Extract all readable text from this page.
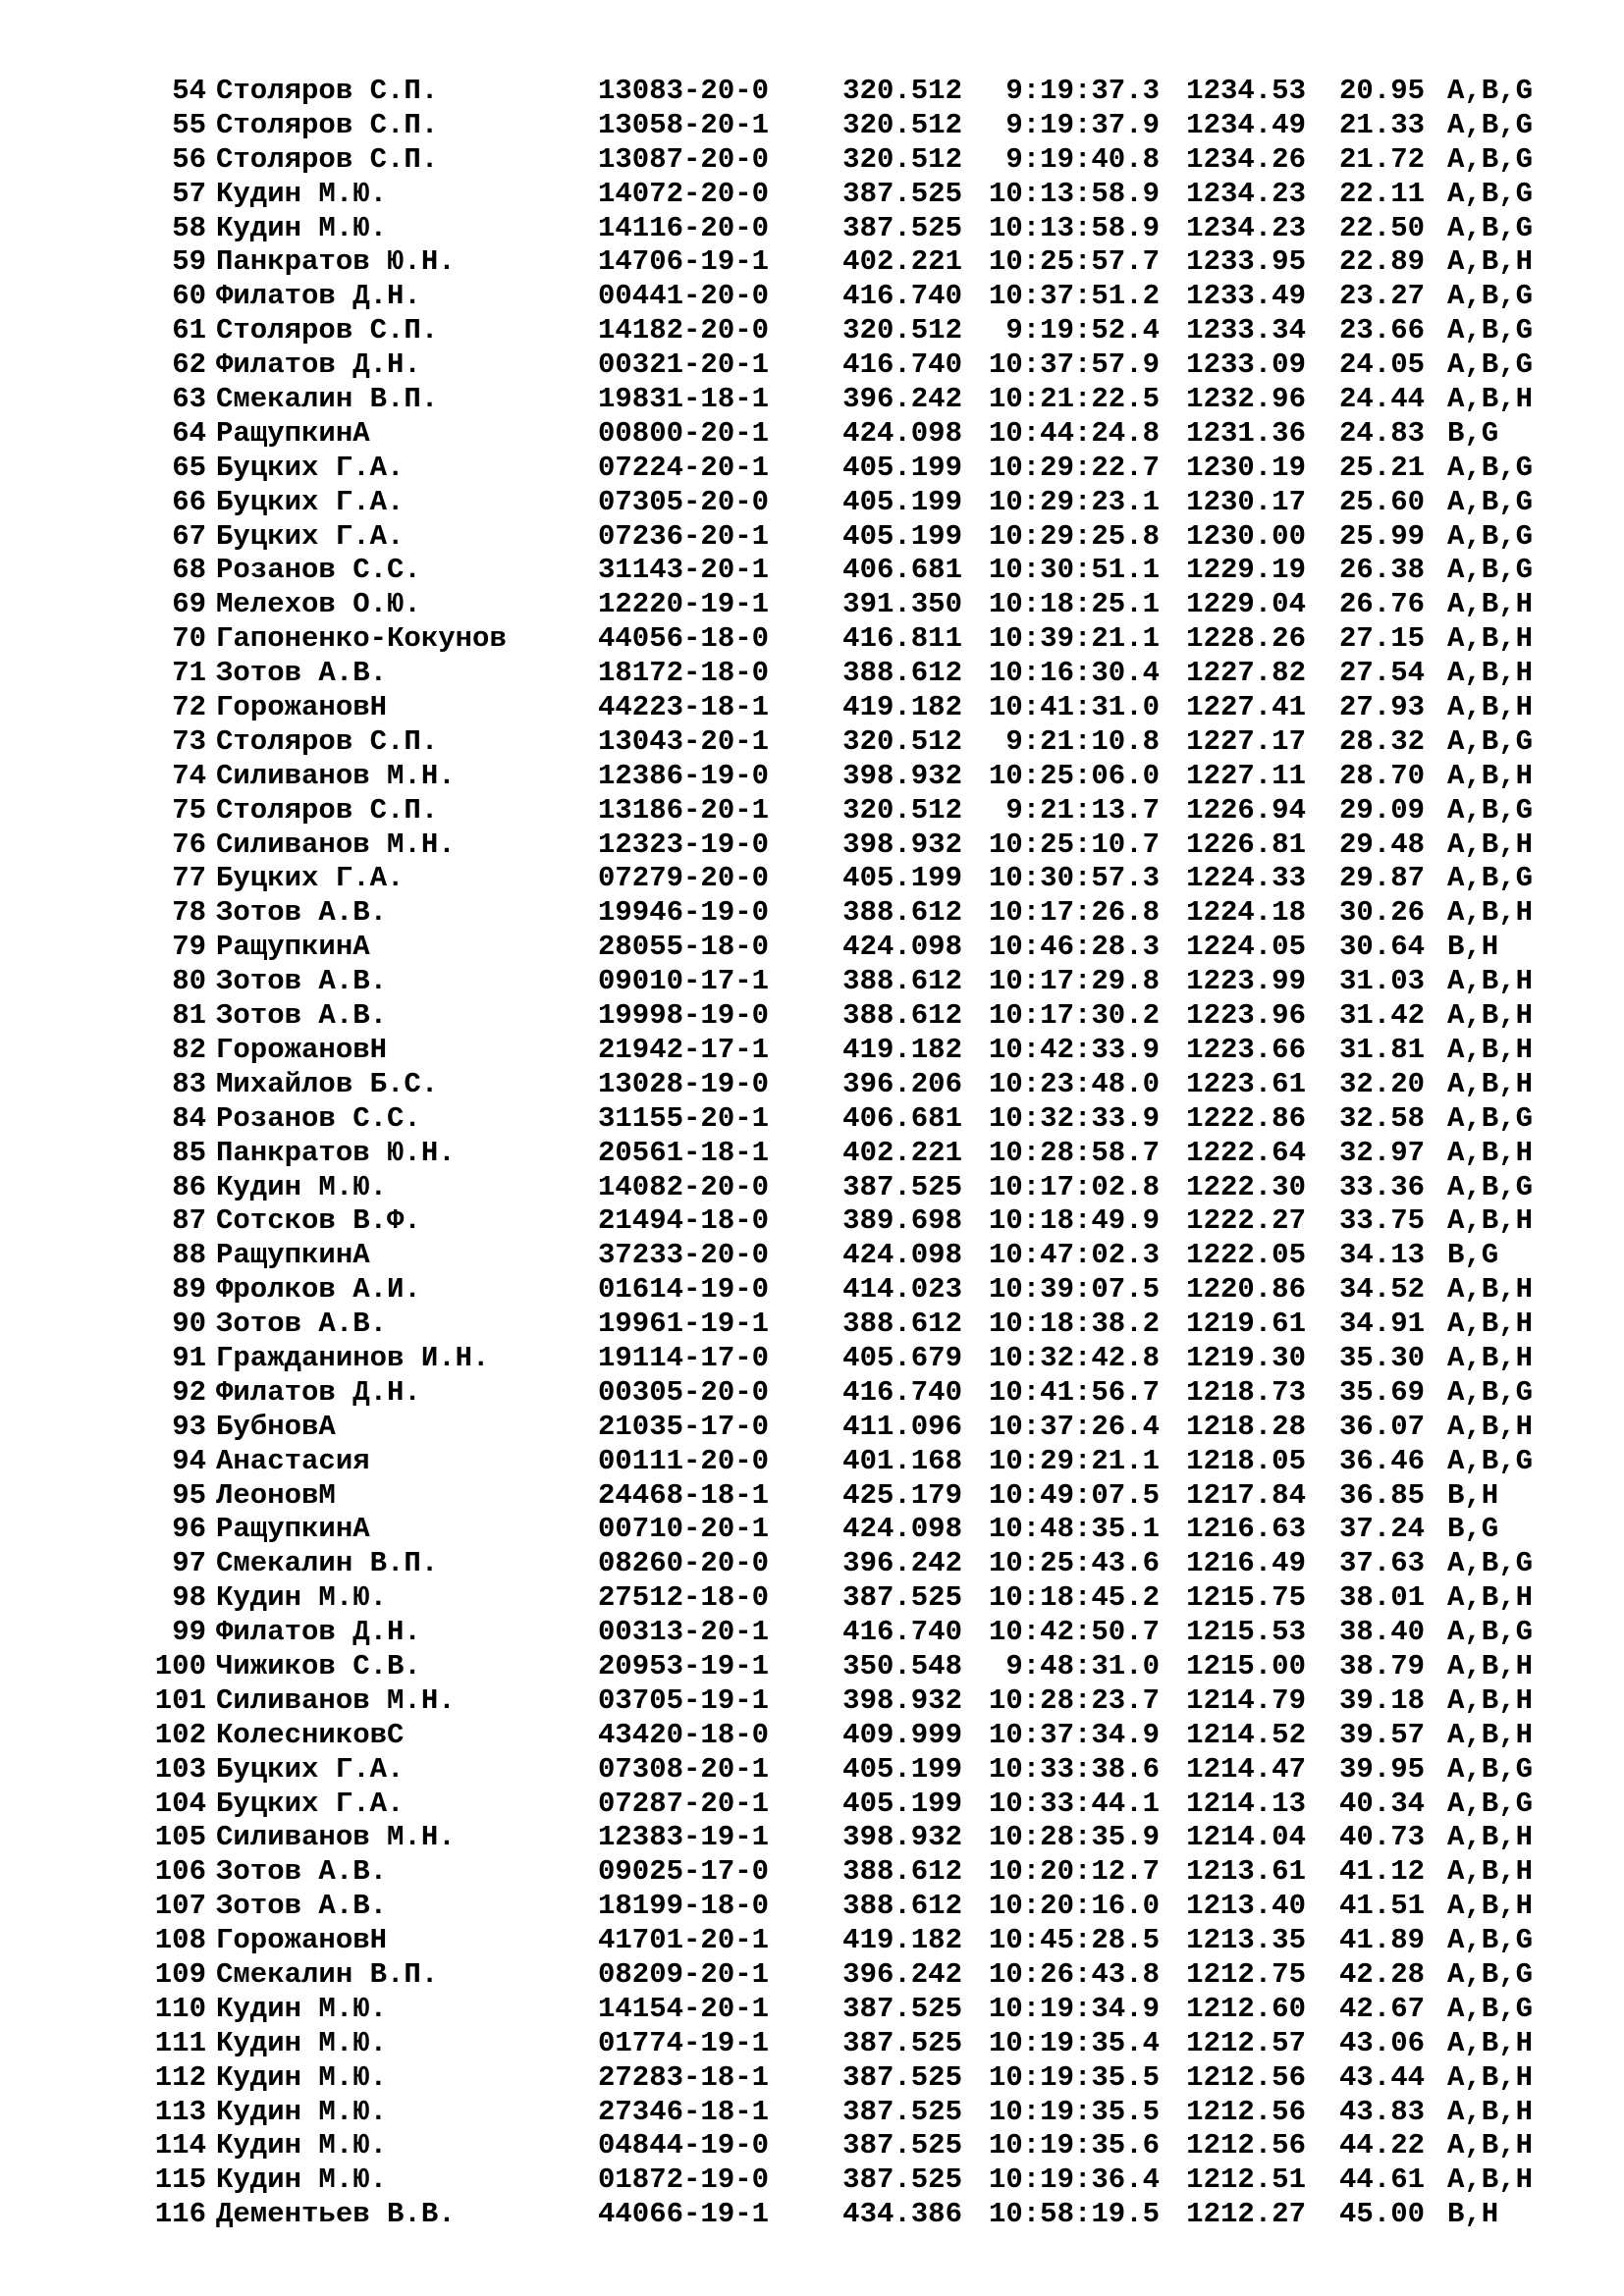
54 Столяров С.П.	13083-20-0	320.512	9:19:37.3 1234.53 20.95 A,B,G
55 Столяров С.П.	13058-20-1	320.512	9:19:37.9 1234.49 21.33 A,B,G
56 Столяров С.П.	13087-20-0	320.512	9:19:40.8 1234.26 21.72 A,B,G
57 Кудин М.Ю.	14072-20-0	387.525 10:13:58.9 1234.23 22.11 A,B,G
58 Кудин М.Ю.	14116-20-0	387.525 10:13:58.9 1234.23 22.50 A,B,G
59 Панкратов Ю.Н.	14706-19-1	402.221 10:25:57.7 1233.95 22.89 A,B,H
60 Филатов Д.Н.	00441-20-0	416.740 10:37:51.2 1233.49 23.27 A,B,G
61 Столяров С.П.	14182-20-0	320.512	9:19:52.4 1233.34 23.66 A,B,G
62 Филатов Д.Н.	00321-20-1	416.740 10:37:57.9 1233.09 24.05 A,B,G
63 Смекалин В.П.	19831-18-1	396.242 10:21:22.5 1232.96 24.44 A,B,H
64 РащупкинА	00800-20-1	424.098 10:44:24.8 1231.36 24.83 B,G
65 Буцких Г.А.	07224-20-1	405.199 10:29:22.7 1230.19 25.21 A,B,G
66 Буцких Г.А.	07305-20-0	405.199 10:29:23.1 1230.17 25.60 A,B,G
67 Буцких Г.А.	07236-20-1	405.199 10:29:25.8 1230.00 25.99 A,B,G
68 Розанов С.С.	31143-20-1	406.681 10:30:51.1 1229.19 26.38 A,B,G
69 Мелехов О.Ю.	12220-19-1	391.350 10:18:25.1 1229.04 26.76 A,B,H
70 Гапоненко-Кокунов	44056-18-0	416.811 10:39:21.1 1228.26 27.15 A,B,H
71 Зотов А.В.	18172-18-0	388.612 10:16:30.4 1227.82 27.54 A,B,H
72 ГорожановН	44223-18-1	419.182 10:41:31.0 1227.41 27.93 A,B,H
73 Столяров С.П.	13043-20-1	320.512	9:21:10.8 1227.17 28.32 A,B,G
74 Силиванов М.Н.	12386-19-0	398.932 10:25:06.0 1227.11 28.70 A,B,H
75 Столяров С.П.	13186-20-1	320.512	9:21:13.7 1226.94 29.09 A,B,G
76 Силиванов М.Н.	12323-19-0	398.932 10:25:10.7 1226.81 29.48 A,B,H
77 Буцких Г.А.	07279-20-0	405.199 10:30:57.3 1224.33 29.87 A,B,G
78 Зотов А.В.	19946-19-0	388.612 10:17:26.8 1224.18 30.26 A,B,H
79 РащупкинА	28055-18-0	424.098 10:46:28.3 1224.05 30.64 B,H
80 Зотов А.В.	09010-17-1	388.612 10:17:29.8 1223.99 31.03 A,B,H
81 Зотов А.В.	19998-19-0	388.612 10:17:30.2 1223.96 31.42 A,B,H
82 ГорожановН	21942-17-1	419.182 10:42:33.9 1223.66 31.81 A,B,H
83 Михайлов Б.С.	13028-19-0	396.206 10:23:48.0 1223.61 32.20 A,B,H
84 Розанов С.С.	31155-20-1	406.681 10:32:33.9 1222.86 32.58 A,B,G
85 Панкратов Ю.Н.	20561-18-1	402.221 10:28:58.7 1222.64 32.97 A,B,H
86 Кудин М.Ю.	14082-20-0	387.525 10:17:02.8 1222.30 33.36 A,B,G
87 Сотсков В.Ф.	21494-18-0	389.698 10:18:49.9 1222.27 33.75 A,B,H
88 РащупкинА	37233-20-0	424.098 10:47:02.3 1222.05 34.13 B,G
89 Фролков А.И.	01614-19-0	414.023 10:39:07.5 1220.86 34.52 A,B,H
90 Зотов А.В.	19961-19-1	388.612 10:18:38.2 1219.61 34.91 A,B,H
91 Гражданинов И.Н.	19114-17-0	405.679 10:32:42.8 1219.30 35.30 A,B,H
92 Филатов Д.Н.	00305-20-0	416.740 10:41:56.7 1218.73 35.69 A,B,G
93 БубновА	21035-17-0	411.096 10:37:26.4 1218.28 36.07 A,B,H
94 Анастасия	00111-20-0	401.168 10:29:21.1 1218.05 36.46 A,B,G
95 ЛеоновМ	24468-18-1	425.179 10:49:07.5 1217.84 36.85 B,H
96 РащупкинА	00710-20-1	424.098 10:48:35.1 1216.63 37.24 B,G
97 Смекалин В.П.	08260-20-0	396.242 10:25:43.6 1216.49 37.63 A,B,G
98 Кудин М.Ю.	27512-18-0	387.525 10:18:45.2 1215.75 38.01 A,B,H
99 Филатов Д.Н.	00313-20-1	416.740 10:42:50.7 1215.53 38.40 A,B,G
100 Чижиков С.В.	20953-19-1	350.548	9:48:31.0 1215.00 38.79 A,B,H
101 Силиванов М.Н.	03705-19-1	398.932 10:28:23.7 1214.79 39.18 A,B,H
102 КолесниковС	43420-18-0	409.999 10:37:34.9 1214.52 39.57 A,B,H
103 Буцких Г.А.	07308-20-1	405.199 10:33:38.6 1214.47 39.95 A,B,G
104 Буцких Г.А.	07287-20-1	405.199 10:33:44.1 1214.13 40.34 A,B,G
105 Силиванов М.Н.	12383-19-1	398.932 10:28:35.9 1214.04 40.73 A,B,H
106 Зотов А.В.	09025-17-0	388.612 10:20:12.7 1213.61 41.12 A,B,H
107 Зотов А.В.	18199-18-0	388.612 10:20:16.0 1213.40 41.51 A,B,H
108 ГорожановН	41701-20-1	419.182 10:45:28.5 1213.35 41.89 A,B,G
109 Смекалин В.П.	08209-20-1	396.242 10:26:43.8 1212.75 42.28 A,B,G
110 Кудин М.Ю.	14154-20-1	387.525 10:19:34.9 1212.60 42.67 A,B,G
111 Кудин М.Ю.	01774-19-1	387.525 10:19:35.4 1212.57 43.06 A,B,H
112 Кудин М.Ю.	27283-18-1	387.525 10:19:35.5 1212.56 43.44 A,B,H
113 Кудин М.Ю.	27346-18-1	387.525 10:19:35.5 1212.56 43.83 A,B,H
114 Кудин М.Ю.	04844-19-0	387.525 10:19:35.6 1212.56 44.22 A,B,H
115 Кудин М.Ю.	01872-19-0	387.525 10:19:36.4 1212.51 44.61 A,B,H
116 Дементьев В.В.	44066-19-1	434.386 10:58:19.5 1212.27 45.00 B,H
